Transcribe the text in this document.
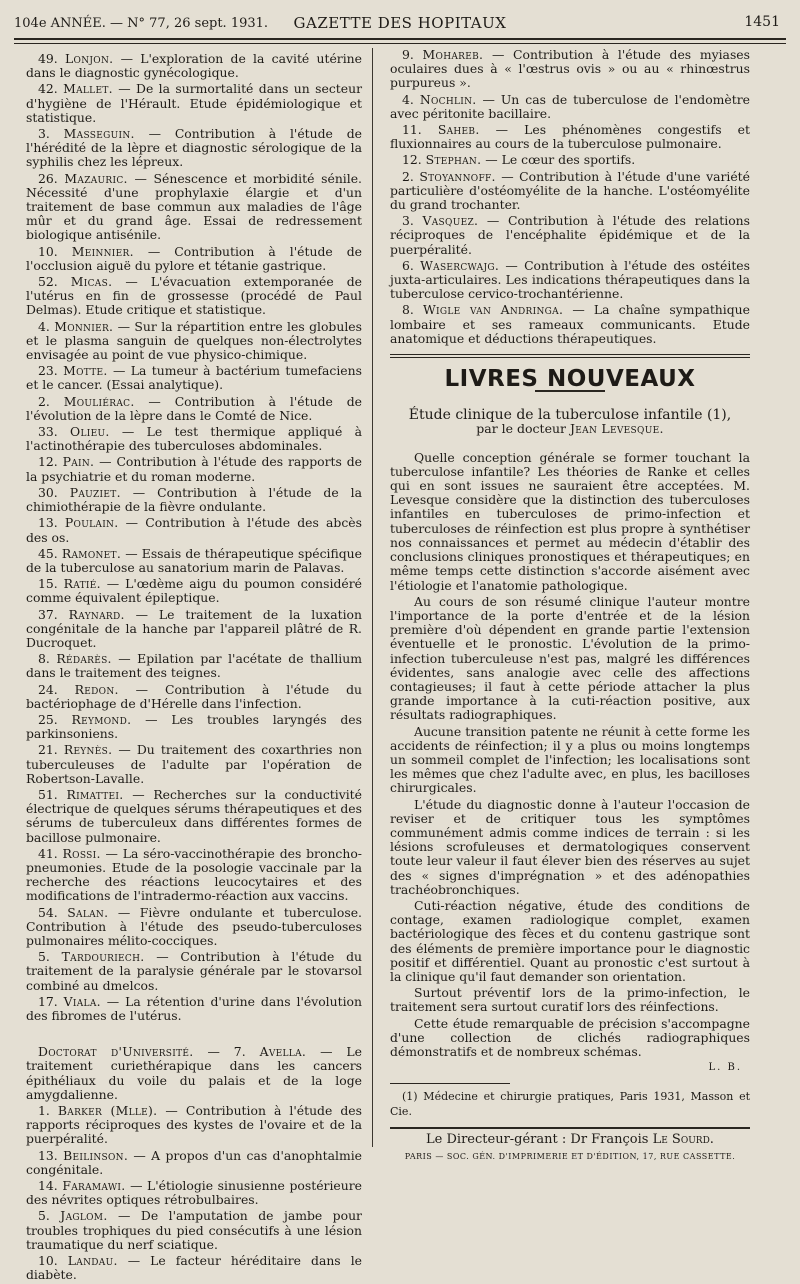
104e ANNÉE. — N° 77, 26 sept. 1931.	GAZETTE DES HOPITAUX	1451

49. Lonjon. — L'exploration de la cavité utérine dans le diagnostic gynécologique.

42. Mallet. — De la surmortalité dans un secteur d'hygiène de l'Hérault. Etude épidémiologique et statistique.

3. Masseguin. — Contribution à l'étude de l'hérédité de la lèpre et diagnostic sérologique de la syphilis chez les lépreux.

26. Mazauric. — Sénescence et morbidité sénile. Nécessité d'une prophylaxie élargie et d'un traitement de base commun aux maladies de l'âge mûr et du grand âge. Essai de redressement biologique antisénile.

10. Meinnier. — Contribution à l'étude de l'occlusion aiguë du pylore et tétanie gastrique.

52. Micas. — L'évacuation extemporanée de l'utérus en fin de grossesse (procédé de Paul Delmas). Etude critique et statistique.

4. Monnier. — Sur la répartition entre les globules et le plasma sanguin de quelques non-électrolytes envisagée au point de vue physico-chimique.

23. Motte. — La tumeur à bactérium tumefaciens et le cancer. (Essai analytique).

2. Mouliérac. — Contribution à l'étude de l'évolution de la lèpre dans le Comté de Nice.

33. Olieu. — Le test thermique appliqué à l'actinothérapie des tuberculoses abdominales.

12. Pain. — Contribution à l'étude des rapports de la psychiatrie et du roman moderne.

30. Pauziet. — Contribution à l'étude de la chimiothérapie de la fièvre ondulante.

13. Poulain. — Contribution à l'étude des abcès des os.

45. Ramonet. — Essais de thérapeutique spécifique de la tuberculose au sanatorium marin de Palavas.

15. Ratié. — L'œdème aigu du poumon considéré comme équivalent épileptique.

37. Raynard. — Le traitement de la luxation congénitale de la hanche par l'appareil plâtré de R. Ducroquet.

8. Rédarès. — Epilation par l'acétate de thallium dans le traitement des teignes.

24. Redon. — Contribution à l'étude du bactériophage de d'Hérelle dans l'infection.

25. Reymond. — Les troubles laryngés des parkinsoniens.

21. Reynès. — Du traitement des coxarthries non tuberculeuses de l'adulte par l'opération de Robertson-Lavalle.

51. Rimattei. — Recherches sur la conductivité électrique de quelques sérums thérapeutiques et des sérums de tuberculeux dans différentes formes de bacillose pulmonaire.

41. Rossi. — La séro-vaccinothérapie des broncho-pneumonies. Etude de la posologie vaccinale par la recherche des réactions leucocytaires et des modifications de l'intradermo-réaction aux vaccins.

54. Salan. — Fièvre ondulante et tuberculose. Contribution à l'étude des pseudo-tuberculoses pulmonaires mélito-cocciques.

5. Tardouriech. — Contribution à l'étude du traitement de la paralysie générale par le stovarsol combiné au dmelcos.

17. Viala. — La rétention d'urine dans l'évolution des fibromes de l'utérus.

Doctorat d'Université. — 7. Avella. — Le traitement curiethérapique dans les cancers épithéliaux du voile du palais et de la loge amygdalienne.

1. Barker (Mlle). — Contribution à l'étude des rapports réciproques des kystes de l'ovaire et de la puerpéralité.

13. Beilinson. — A propos d'un cas d'anophtalmie congénitale.

14. Faramawi. — L'étiologie sinusienne postérieure des névrites optiques rétrobulbaires.

5. Jaglom. — De l'amputation de jambe pour troubles trophiques du pied consécutifs à une lésion traumatique du nerf sciatique.

10. Landau. — Le facteur héréditaire dans le diabète.

9. Mohareb. — Contribution à l'étude des myiases oculaires dues à « l'œstrus ovis » ou au « rhinœstrus purpureus ».

4. Nochlin. — Un cas de tuberculose de l'endomètre avec péritonite bacillaire.

11. Saheb. — Les phénomènes congestifs et fluxionnaires au cours de la tuberculose pulmonaire.

12. Stephan. — Le cœur des sportifs.

2. Stoyannoff. — Contribution à l'étude d'une variété particulière d'ostéomyélite de la hanche. L'ostéomyélite du grand trochanter.

3. Vasquez. — Contribution à l'étude des relations réciproques de l'encéphalite épidémique et de la puerpéralité.

6. Wasercwajg. — Contribution à l'étude des ostéites juxta-articulaires. Les indications thérapeutiques dans la tuberculose cervico-trochantérienne.

8. Wigle van Andringa. — La chaîne sympathique lombaire et ses rameaux communicants. Etude anatomique et déductions thérapeutiques.

LIVRES NOUVEAUX

Étude clinique de la tuberculose infantile (1),

par le docteur Jean Levesque.

Quelle conception générale se former touchant la tuberculose infantile? Les théories de Ranke et celles qui en sont issues ne sauraient être acceptées. M. Levesque considère que la distinction des tuberculoses infantiles en tuberculoses de primo-infection et tuberculoses de réinfection est plus propre à synthétiser nos connaissances et permet au médecin d'établir des conclusions cliniques pronostiques et thérapeutiques; en même temps cette distinction s'accorde aisément avec l'étiologie et l'anatomie pathologique.

Au cours de son résumé clinique l'auteur montre l'importance de la porte d'entrée et de la lésion première d'où dépendent en grande partie l'extension éventuelle et le pronostic. L'évolution de la primo-infection tuberculeuse n'est pas, malgré les différences évidentes, sans analogie avec celle des affections contagieuses; il faut à cette période attacher la plus grande importance à la cuti-réaction positive, aux résultats radiographiques.

Aucune transition patente ne réunit à cette forme les accidents de réinfection; il y a plus ou moins longtemps un sommeil complet de l'infection; les localisations sont les mêmes que chez l'adulte avec, en plus, les bacilloses chirurgicales.

L'étude du diagnostic donne à l'auteur l'occasion de reviser et de critiquer tous les symptômes communément admis comme indices de terrain : si les lésions scrofuleuses et dermatologiques conservent toute leur valeur il faut élever bien des réserves au sujet des « signes d'imprégnation » et des adénopathies trachéobronchiques.

Cuti-réaction négative, étude des conditions de contage, examen radiologique complet, examen bactériologique des fèces et du contenu gastrique sont des éléments de première importance pour le diagnostic positif et différentiel. Quant au pronostic c'est surtout à la clinique qu'il faut demander son orientation.

Surtout préventif lors de la primo-infection, le traitement sera surtout curatif lors des réinfections.

Cette étude remarquable de précision s'accompagne d'une collection de clichés radiographiques démonstratifs et de nombreux schémas.

L. B.

(1) Médecine et chirurgie pratiques, Paris 1931, Masson et Cie.

Le Directeur-gérant : Dr François Le Sourd.

PARIS — SOC. GÉN. D'IMPRIMERIE ET D'ÉDITION, 17, RUE CASSETTE.
